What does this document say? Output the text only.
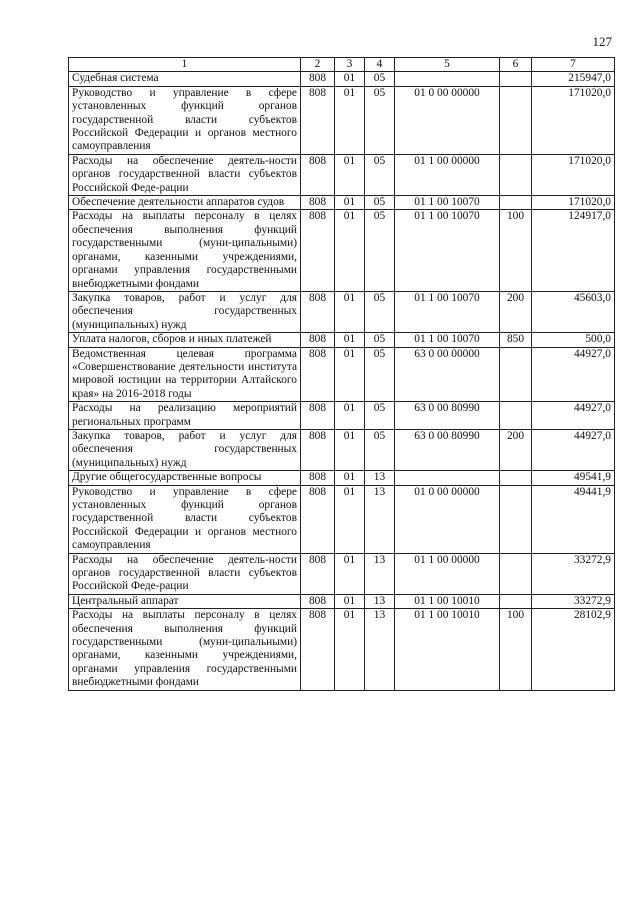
127
1	2	3	4	5	6	7
Судебная система	808	01	05			215947,0
Руководство и управление в сфере установленных функций органов государственной власти субъектов Российской Федерации и органов местного самоуправления	808	01	05	01 0 00 00000		171020,0
Расходы на обеспечение деятель-ности органов государственной власти субъектов Российской Феде-рации	808	01	05	01 1 00 00000		171020,0
Обеспечение деятельности аппаратов судов	808	01	05	01 1 00 10070		171020,0
Расходы на выплаты персоналу в целях обеспечения выполнения функций государственными (муни-ципальными) органами, казенными учреждениями, органами управления государственными внебюджетными фондами	808	01	05	01 1 00 10070	100	124917,0
Закупка товаров, работ и услуг для обеспечения государственных (муниципальных) нужд	808	01	05	01 1 00 10070	200	45603,0
Уплата налогов, сборов и иных платежей	808	01	05	01 1 00 10070	850	500,0
Ведомственная целевая программа «Совершенствование деятельности института мировой юстиции на территории Алтайского края» на 2016-2018 годы	808	01	05	63 0 00 00000		44927,0
Расходы на реализацию мероприятий региональных программ	808	01	05	63 0 00 80990		44927,0
Закупка товаров, работ и услуг для обеспечения государственных (муниципальных) нужд	808	01	05	63 0 00 80990	200	44927,0
Другие общегосударственные вопросы	808	01	13			49541,9
Руководство и управление в сфере установленных функций органов государственной власти субъектов Российской Федерации и органов местного самоуправления	808	01	13	01 0 00 00000		49441,9
Расходы на обеспечение деятель-ности органов государственной власти субъектов Российской Феде-рации	808	01	13	01 1 00 00000		33272,9
Центральный аппарат	808	01	13	01 1 00 10010		33272,9
Расходы на выплаты персоналу в целях обеспечения выполнения функций государственными (муни-ципальными) органами, казенными учреждениями, органами управления государственными внебюджетными фондами	808	01	13	01 1 00 10010	100	28102,9
